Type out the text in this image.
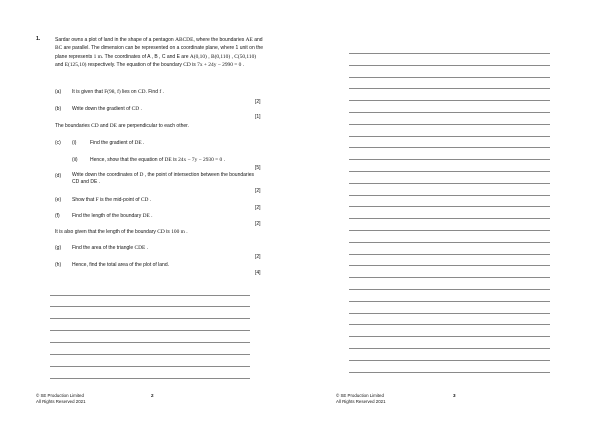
1.	Sardar owns a plot of land in the shape of a pentagon ABCDE, where the boundaries AE and BC are parallel. The dimension can be represented on a coordinate plane, where 1 unit on the plane represents 1 m. The coordinates of A , B , C and E are A(0,10) , B(0,110) , C(50,110) and E(125,10) respectively. The equation of the boundary CD is 7x + 24y − 2990 = 0 .
(a) It is given that F(98, f) lies on CD. Find f .
[2]
(b) Write down the gradient of CD .
[1]
The boundaries CD and DE are perpendicular to each other.
(c) (i)	Find the gradient of DE .
(ii) Hence, show that the equation of DE is 24x − 7y − 2930 = 0 .
[5]
(d) Write down the coordinates of D , the point of intersection between the boundaries CD and DE .
[2]
(e) Show that F is the mid-point of CD .
[2]
(f) Find the length of the boundary DE .
[2]
It is also given that the length of the boundary CD is 100 m .
(g) Find the area of the triangle CDE .
[2]
(h) Hence, find the total area of the plot of land.
[4]
© SE Production Limited
All Rights Reserved 2021
2	© SE Production Limited
All Rights Reserved 2021
3
